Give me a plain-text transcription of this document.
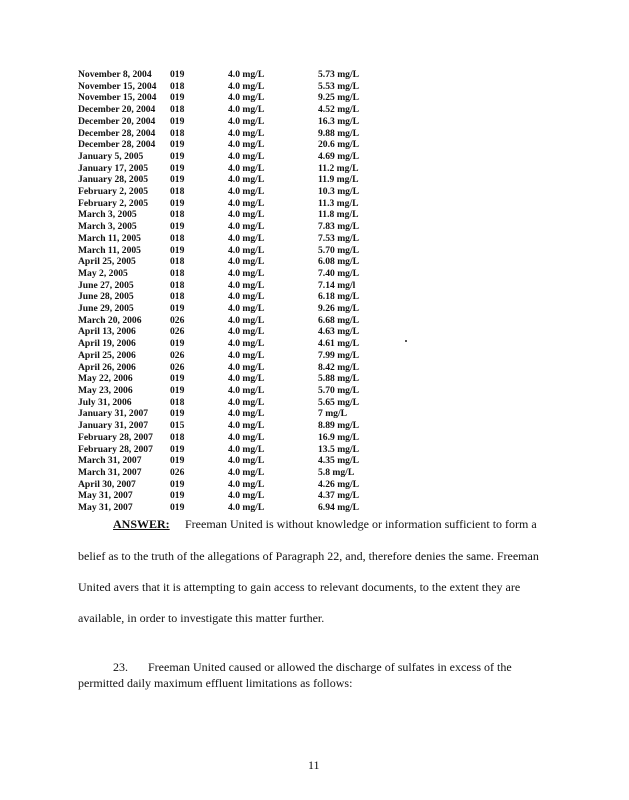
November 8, 2004	019	4.0 mg/L	5.73 mg/L
November 15, 2004	018	4.0 mg/L	5.53 mg/L
November 15, 2004	019	4.0 mg/L	9.25 mg/L
December 20, 2004	018	4.0 mg/L	4.52 mg/L
December 20, 2004	019	4.0 mg/L	16.3 mg/L
December 28, 2004	018	4.0 mg/L	9.88 mg/L
December 28, 2004	019	4.0 mg/L	20.6 mg/L
January 5, 2005	019	4.0 mg/L	4.69 mg/L
January 17, 2005	019	4.0 mg/L	11.2 mg/L
January 28, 2005	019	4.0 mg/L	11.9 mg/L
February 2, 2005	018	4.0 mg/L	10.3 mg/L
February 2, 2005	019	4.0 mg/L	11.3 mg/L
March 3, 2005	018	4.0 mg/L	11.8 mg/L
March 3, 2005	019	4.0 mg/L	7.83 mg/L
March 11, 2005	018	4.0 mg/L	7.53 mg/L
March 11, 2005	019	4.0 mg/L	5.70 mg/L
April 25, 2005	018	4.0 mg/L	6.08 mg/L
May 2, 2005	018	4.0 mg/L	7.40 mg/L
June 27, 2005	018	4.0 mg/L	7.14 mg/l
June 28, 2005	018	4.0 mg/L	6.18 mg/L
June 29, 2005	019	4.0 mg/L	9.26 mg/L
March 20, 2006	026	4.0 mg/L	6.68 mg/L
April 13, 2006	026	4.0 mg/L	4.63 mg/L
April 19, 2006	019	4.0 mg/L	4.61 mg/L
April 25, 2006	026	4.0 mg/L	7.99 mg/L
April 26, 2006	026	4.0 mg/L	8.42 mg/L
May 22, 2006	019	4.0 mg/L	5.88 mg/L
May 23, 2006	019	4.0 mg/L	5.70 mg/L
July 31, 2006	018	4.0 mg/L	5.65 mg/L
January 31, 2007	019	4.0 mg/L	7 mg/L
January 31, 2007	015	4.0 mg/L	8.89 mg/L
February 28, 2007	018	4.0 mg/L	16.9 mg/L
February 28, 2007	019	4.0 mg/L	13.5 mg/L
March 31, 2007	019	4.0 mg/L	4.35 mg/L
March 31, 2007	026	4.0 mg/L	5.8 mg/L
April 30, 2007	019	4.0 mg/L	4.26 mg/L
May 31, 2007	019	4.0 mg/L	4.37 mg/L
May 31, 2007	019	4.0 mg/L	6.94 mg/L
ANSWER: Freeman United is without knowledge or information sufficient to form a
belief as to the truth of the allegations of Paragraph 22, and, therefore denies the same. Freeman
United avers that it is attempting to gain access to relevant documents, to the extent they are
available, in order to investigate this matter further.
23. Freeman United caused or allowed the discharge of sulfates in excess of the
permitted daily maximum effluent limitations as follows:
11
